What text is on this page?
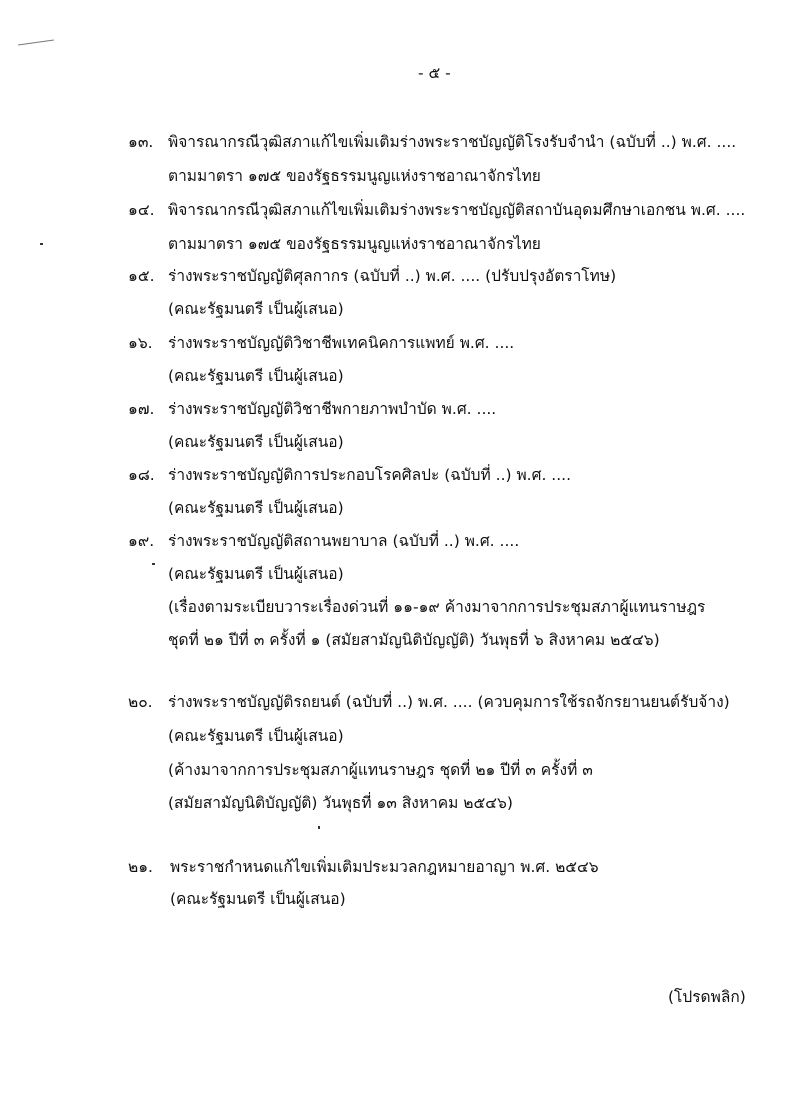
- ๕ -
๑๓. พิจารณากรณีวุฒิสภาแก้ไขเพิ่มเติมร่างพระราชบัญญัติโรงรับจำนำ (ฉบับที่ ..) พ.ศ. ....
ตามมาตรา ๑๗๕ ของรัฐธรรมนูญแห่งราชอาณาจักรไทย
๑๔. พิจารณากรณีวุฒิสภาแก้ไขเพิ่มเติมร่างพระราชบัญญัติสถาบันอุดมศึกษาเอกชน พ.ศ. ....
ตามมาตรา ๑๗๕ ของรัฐธรรมนูญแห่งราชอาณาจักรไทย
๑๕. ร่างพระราชบัญญัติศุลกากร (ฉบับที่ ..) พ.ศ. .... (ปรับปรุงอัตราโทษ)
(คณะรัฐมนตรี เป็นผู้เสนอ)
๑๖. ร่างพระราชบัญญัติวิชาชีพเทคนิคการแพทย์ พ.ศ. ....
(คณะรัฐมนตรี เป็นผู้เสนอ)
๑๗. ร่างพระราชบัญญัติวิชาชีพกายภาพบำบัด พ.ศ. ....
(คณะรัฐมนตรี เป็นผู้เสนอ)
๑๘. ร่างพระราชบัญญัติการประกอบโรคศิลปะ (ฉบับที่ ..) พ.ศ. ....
(คณะรัฐมนตรี เป็นผู้เสนอ)
๑๙. ร่างพระราชบัญญัติสถานพยาบาล (ฉบับที่ ..) พ.ศ. ....
(คณะรัฐมนตรี เป็นผู้เสนอ)
(เรื่องตามระเบียบวาระเรื่องด่วนที่ ๑๑-๑๙ ค้างมาจากการประชุมสภาผู้แทนราษฎร
ชุดที่ ๒๑ ปีที่ ๓ ครั้งที่ ๑ (สมัยสามัญนิติบัญญัติ) วันพุธที่ ๖ สิงหาคม ๒๕๔๖)
๒๐. ร่างพระราชบัญญัติรถยนต์ (ฉบับที่ ..) พ.ศ. .... (ควบคุมการใช้รถจักรยานยนต์รับจ้าง)
(คณะรัฐมนตรี เป็นผู้เสนอ)
(ค้างมาจากการประชุมสภาผู้แทนราษฎร ชุดที่ ๒๑ ปีที่ ๓ ครั้งที่ ๓
(สมัยสามัญนิติบัญญัติ) วันพุธที่ ๑๓ สิงหาคม ๒๕๔๖)
๒๑. พระราชกำหนดแก้ไขเพิ่มเติมประมวลกฎหมายอาญา พ.ศ. ๒๕๔๖
(คณะรัฐมนตรี เป็นผู้เสนอ)
(โปรดพลิก)
